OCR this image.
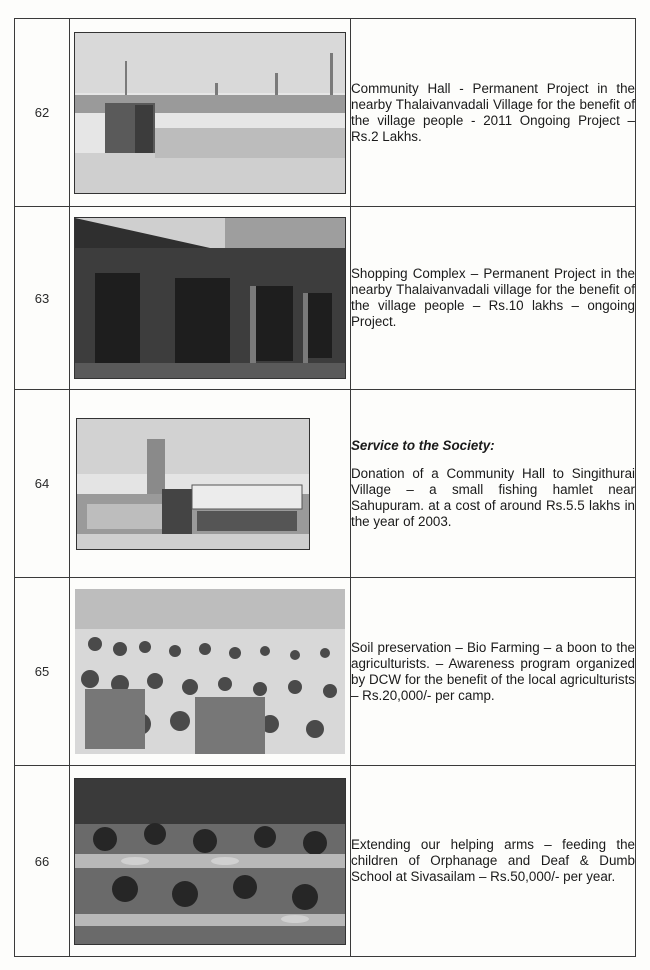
62		Community Hall - Permanent Project in the nearby Thalaivanvadali Village for the benefit of the village people - 2011 Ongoing Project – Rs.2 Lakhs.
63		Shopping Complex – Permanent Project in the nearby Thalaivanvadali village for the benefit of the village people – Rs.10 lakhs – ongoing Project.
64		Service to the Society:
Donation of a Community Hall to Singithurai Village – a small fishing hamlet near Sahupuram. at a cost of around Rs.5.5 lakhs in the year of 2003.

65		Soil preservation – Bio Farming – a boon to the agriculturists. – Awareness program organized by DCW for the benefit of the local agriculturists – Rs.20,000/- per camp.
66		Extending our helping arms – feeding the children of Orphanage and Deaf & Dumb School at Sivasailam – Rs.50,000/- per year.
